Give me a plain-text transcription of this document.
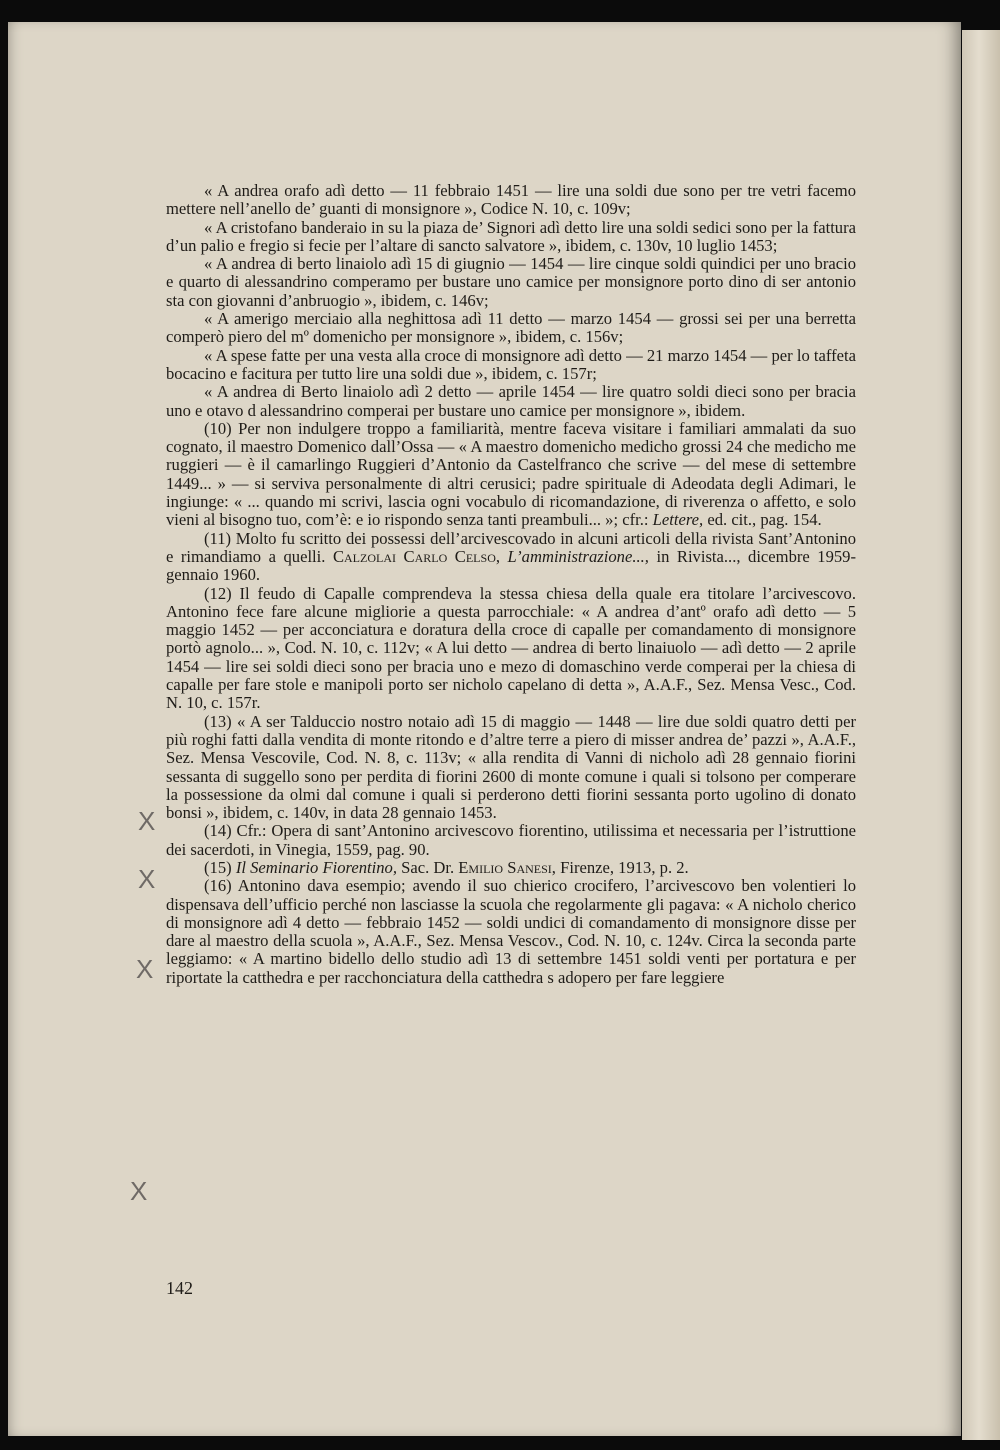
« A andrea orafo adì detto — 11 febbraio 1451 — lire una soldi due sono per tre vetri facemo mettere nell’anello de’ guanti di monsignore », Codice N. 10, c. 109v;

« A cristofano banderaio in su la piaza de’ Signori adì detto lire una soldi sedici sono per la fattura d’un palio e fregio si fecie per l’altare di sancto salvatore », ibidem, c. 130v, 10 luglio 1453;

« A andrea di berto linaiolo adì 15 di giugnio — 1454 — lire cinque soldi quindici per uno bracio e quarto di alessandrino comperamo per bustare uno camice per monsignore porto dino di ser antonio sta con giovanni d’anbruogio », ibidem, c. 146v;

« A amerigo merciaio alla neghittosa adì 11 detto — marzo 1454 — grossi sei per una berretta comperò piero del mº domenicho per monsignore », ibidem, c. 156v;

« A spese fatte per una vesta alla croce di monsignore adì detto — 21 marzo 1454 — per lo taffeta bocacino e facitura per tutto lire una soldi due », ibidem, c. 157r;

« A andrea di Berto linaiolo adì 2 detto — aprile 1454 — lire quatro soldi dieci sono per bracia uno e otavo d alessandrino comperai per bustare uno camice per monsignore », ibidem.

(10) Per non indulgere troppo a familiarità, mentre faceva visitare i familiari ammalati da suo cognato, il maestro Domenico dall’Ossa — « A maestro domenicho medicho grossi 24 che medicho me ruggieri — è il camarlingo Ruggieri d’Antonio da Castelfranco che scrive — del mese di settembre 1449... » — si serviva personalmente di altri cerusici; padre spirituale di Adeodata degli Adimari, le ingiunge: « ... quando mi scrivi, lascia ogni vocabulo di ricomandazione, di riverenza o affetto, e solo vieni al bisogno tuo, com’è: e io rispondo senza tanti preambuli... »; cfr.: Lettere, ed. cit., pag. 154.

(11) Molto fu scritto dei possessi dell’arcivescovado in alcuni articoli della rivista Sant’Antonino e rimandiamo a quelli. Calzolai Carlo Celso, L’amministrazione..., in Rivista..., dicembre 1959-gennaio 1960.

(12) Il feudo di Capalle comprendeva la stessa chiesa della quale era titolare l’arcivescovo. Antonino fece fare alcune migliorie a questa parrocchiale: « A andrea d’antº orafo adì detto — 5 maggio 1452 — per acconciatura e doratura della croce di capalle per comandamento di monsignore portò agnolo... », Cod. N. 10, c. 112v; « A lui detto — andrea di berto linaiuolo — adì detto — 2 aprile 1454 — lire sei soldi dieci sono per bracia uno e mezo di domaschino verde comperai per la chiesa di capalle per fare stole e manipoli porto ser nicholo capelano di detta », A.A.F., Sez. Mensa Vesc., Cod. N. 10, c. 157r.

(13) « A ser Talduccio nostro notaio adì 15 di maggio — 1448 — lire due soldi quatro detti per più roghi fatti dalla vendita di monte ritondo e d’altre terre a piero di misser andrea de’ pazzi », A.A.F., Sez. Mensa Vescovile, Cod. N. 8, c. 113v; « alla rendita di Vanni di nicholo adì 28 gennaio fiorini sessanta di suggello sono per perdita di fiorini 2600 di monte comune i quali si tolsono per comperare la possessione da olmi dal comune i quali si perderono detti fiorini sessanta porto ugolino di donato bonsi », ibidem, c. 140v, in data 28 gennaio 1453.

(14) Cfr.: Opera di sant’Antonino arcivescovo fiorentino, utilissima et necessaria per l’istruttione dei sacerdoti, in Vinegia, 1559, pag. 90.

(15) Il Seminario Fiorentino, Sac. Dr. Emilio Sanesi, Firenze, 1913, p. 2.

(16) Antonino dava esempio; avendo il suo chierico crocifero, l’arcivescovo ben volentieri lo dispensava dell’ufficio perché non lasciasse la scuola che regolarmente gli pagava: « A nicholo cherico di monsignore adì 4 detto — febbraio 1452 — soldi undici di comandamento di monsignore disse per dare al maestro della scuola », A.A.F., Sez. Mensa Vescov., Cod. N. 10, c. 124v. Circa la seconda parte leggiamo: « A martino bidello dello studio adì 13 di settembre 1451 soldi venti per portatura e per riportate la catthedra e per racchonciatura della catthedra s adopero per fare leggiere

X
X
X
X
142
